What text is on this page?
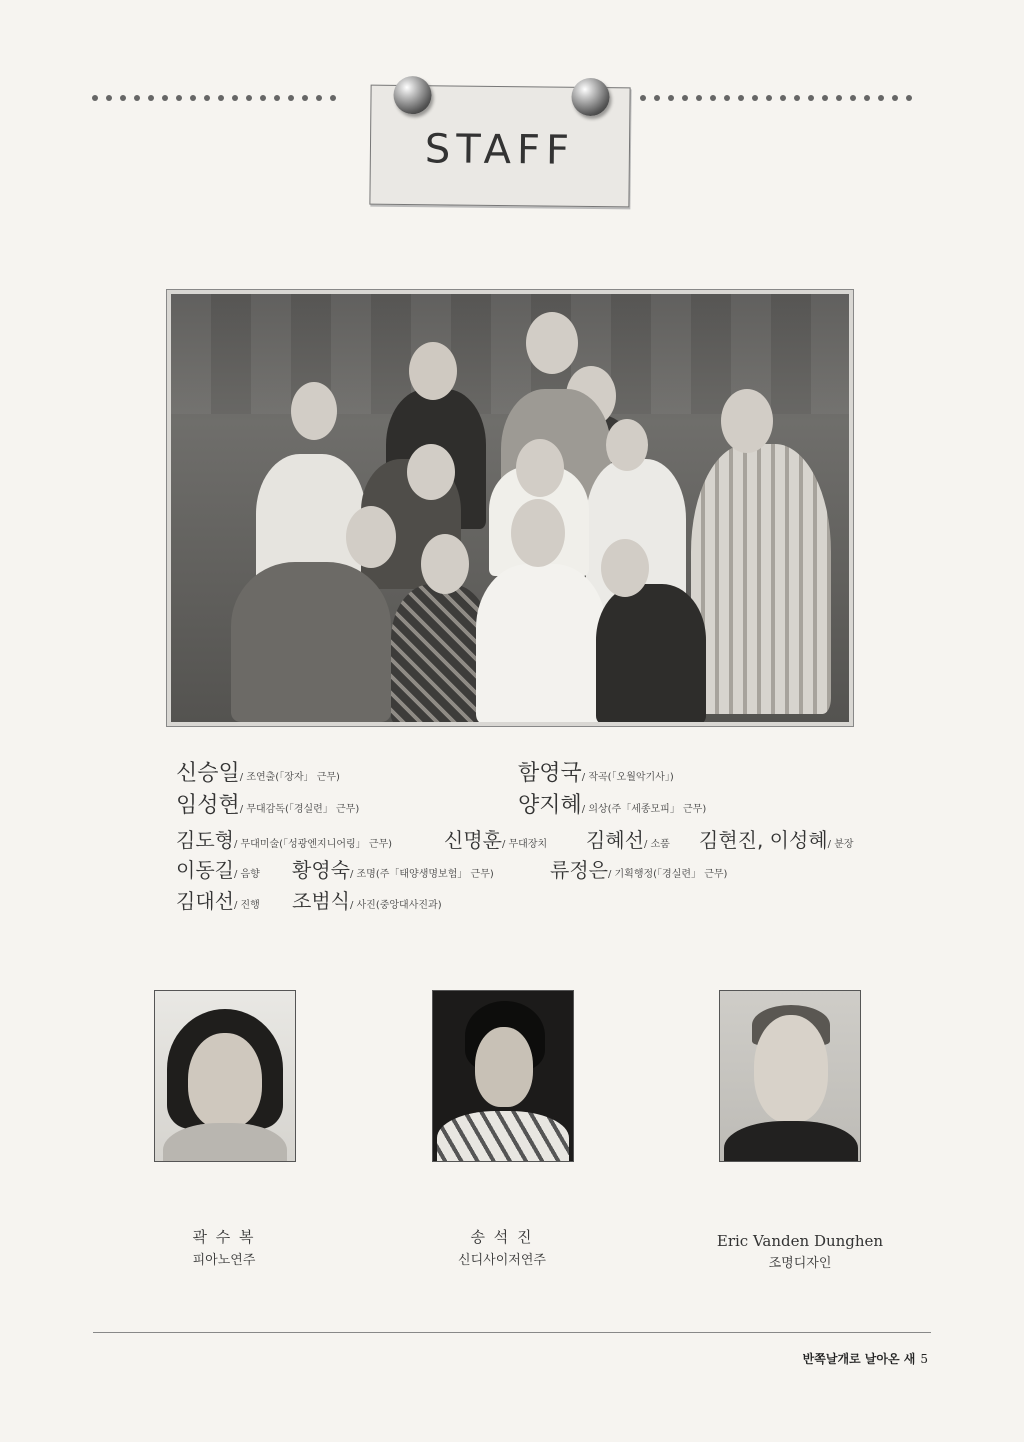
STAFF
신승일/ 조연출(「장자」 근무)	함영국/ 작곡(「오월악기사」)
임성현/ 무대감독(「경실련」 근무)	양지혜/ 의상(주「세종모피」 근무)
김도형/ 무대미술(「성광엔지니어링」 근무)	신명훈/ 무대장치 김혜선/ 소품 김현진, 이성혜/ 분장
이동길/ 음향 황영숙/ 조명(주「태양생명보험」 근무)	류정은/ 기획행정(「경실련」 근무)
김대선/ 진행 조범식/ 사진(중앙대사진과)
곽 수 복
피아노연주
송 석 진
신디사이저연주
Eric Vanden Dunghen
조명디자인
반쪽날개로 날아온 새 5
